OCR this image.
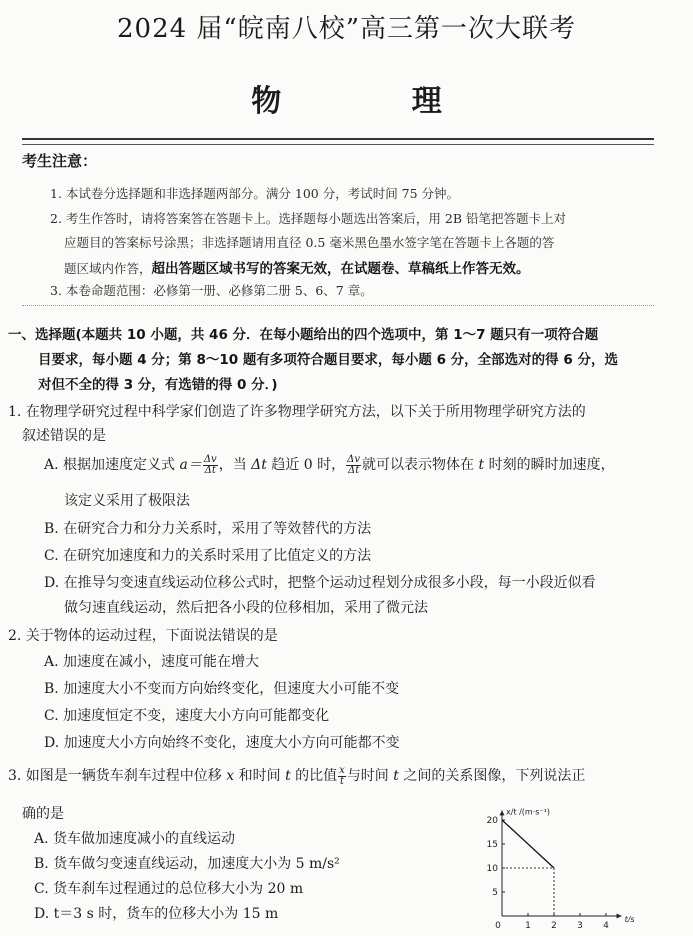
2024 届“皖南八校”高三第一次大联考
物 理
考生注意：
1. 本试卷分选择题和非选择题两部分。满分 100 分，考试时间 75 分钟。
2. 考生作答时，请将答案答在答题卡上。选择题每小题选出答案后，用 2B 铅笔把答题卡上对
应题目的答案标号涂黑；非选择题请用直径 0.5 毫米黑色墨水签字笔在答题卡上各题的答
题区域内作答，超出答题区域书写的答案无效，在试题卷、草稿纸上作答无效。
3. 本卷命题范围：必修第一册、必修第二册 5、6、7 章。
一、选择题(本题共 10 小题，共 46 分．在每小题给出的四个选项中，第 1～7 题只有一项符合题
目要求，每小题 4 分；第 8～10 题有多项符合题目要求，每小题 6 分，全部选对的得 6 分，选
对但不全的得 3 分，有选错的得 0 分．)
1. 在物理学研究过程中科学家们创造了许多物理学研究方法，以下关于所用物理学研究方法的
叙述错误的是
A. 根据加速度定义式 $a= \frac{\Delta v}{\Delta t}$ ，当 Δt 趋近 0 时， $\frac{\Delta v}{\Delta t}$ 就可以表示物体在 t 时刻的瞬时加速度，
该定义采用了极限法
B. 在研究合力和分力关系时，采用了等效替代的方法
C. 在研究加速度和力的关系时采用了比值定义的方法
D. 在推导匀变速直线运动位移公式时，把整个运动过程划分成很多小段，每一小段近似看
做匀速直线运动，然后把各小段的位移相加，采用了微元法
2. 关于物体的运动过程，下面说法错误的是
A. 加速度在减小，速度可能在增大
B. 加速度大小不变而方向始终变化，但速度大小可能不变
C. 加速度恒定不变，速度大小方向可能都变化
D. 加速度大小方向始终不变化，速度大小方向可能都不变
3. 如图是一辆货车刹车过程中位移 x 和时间 t 的比值 $\frac{x}{t}$ 与时间 t 之间的关系图像，下列说法正
确的是
A. 货车做加速度减小的直线运动
B. 货车做匀变速直线运动，加速度大小为 5 m/s²
C. 货车刹车过程通过的总位移大小为 20 m
D. t＝3 s 时，货车的位移大小为 15 m
0	1 2 3 4
5
10
15
20
x/t /(m·s⁻¹)
t/s
